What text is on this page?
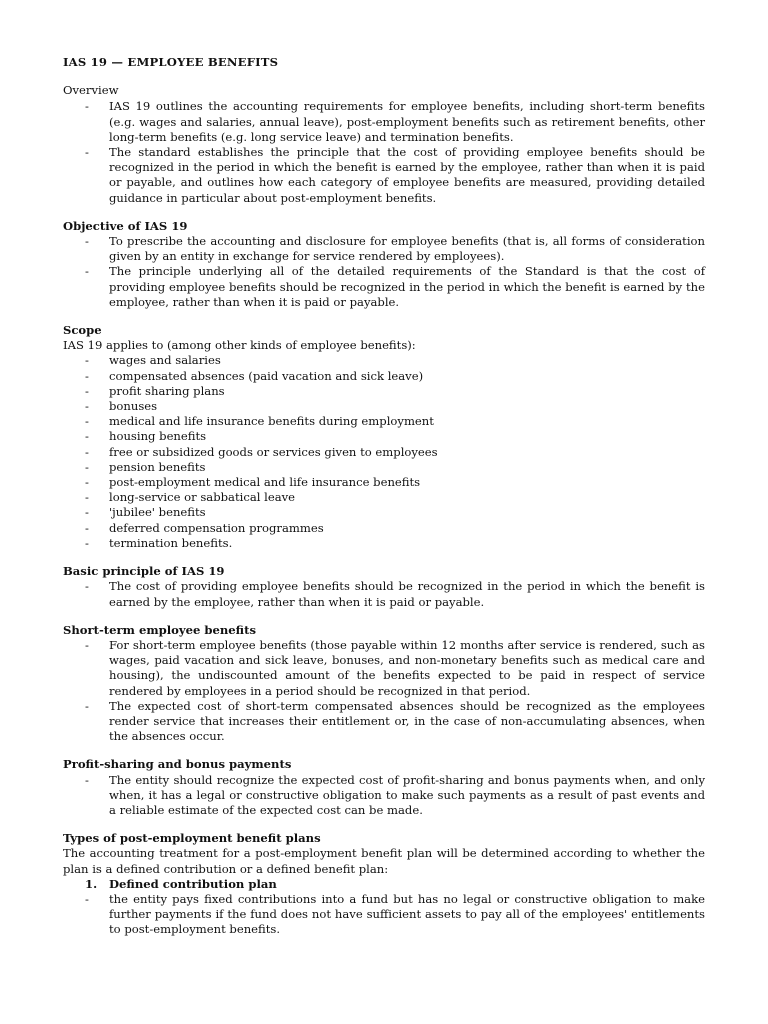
IAS 19 — EMPLOYEE BENEFITS
Overview
- IAS 19 outlines the accounting requirements for employee benefits, including short-term benefits (e.g. wages and salaries, annual leave), post-employment benefits such as retirement benefits, other long-term benefits (e.g. long service leave) and termination benefits.
- The standard establishes the principle that the cost of providing employee benefits should be recognized in the period in which the benefit is earned by the employee, rather than when it is paid or payable, and outlines how each category of employee benefits are measured, providing detailed guidance in particular about post-employment benefits.
Objective of IAS 19
- To prescribe the accounting and disclosure for employee benefits (that is, all forms of consideration given by an entity in exchange for service rendered by employees).
- The principle underlying all of the detailed requirements of the Standard is that the cost of providing employee benefits should be recognized in the period in which the benefit is earned by the employee, rather than when it is paid or payable.
Scope
IAS 19 applies to (among other kinds of employee benefits):
- wages and salaries
- compensated absences (paid vacation and sick leave)
- profit sharing plans
- bonuses
- medical and life insurance benefits during employment
- housing benefits
- free or subsidized goods or services given to employees
- pension benefits
- post-employment medical and life insurance benefits
- long-service or sabbatical leave
- 'jubilee' benefits
- deferred compensation programmes
- termination benefits.
Basic principle of IAS 19
- The cost of providing employee benefits should be recognized in the period in which the benefit is earned by the employee, rather than when it is paid or payable.
Short-term employee benefits
- For short-term employee benefits (those payable within 12 months after service is rendered, such as wages, paid vacation and sick leave, bonuses, and non-monetary benefits such as medical care and housing), the undiscounted amount of the benefits expected to be paid in respect of service rendered by employees in a period should be recognized in that period.
- The expected cost of short-term compensated absences should be recognized as the employees render service that increases their entitlement or, in the case of non-accumulating absences, when the absences occur.
Profit-sharing and bonus payments
- The entity should recognize the expected cost of profit-sharing and bonus payments when, and only when, it has a legal or constructive obligation to make such payments as a result of past events and a reliable estimate of the expected cost can be made.
Types of post-employment benefit plans
The accounting treatment for a post-employment benefit plan will be determined according to whether the plan is a defined contribution or a defined benefit plan:
1. Defined contribution plan
- the entity pays fixed contributions into a fund but has no legal or constructive obligation to make further payments if the fund does not have sufficient assets to pay all of the employees' entitlements to post-employment benefits.
